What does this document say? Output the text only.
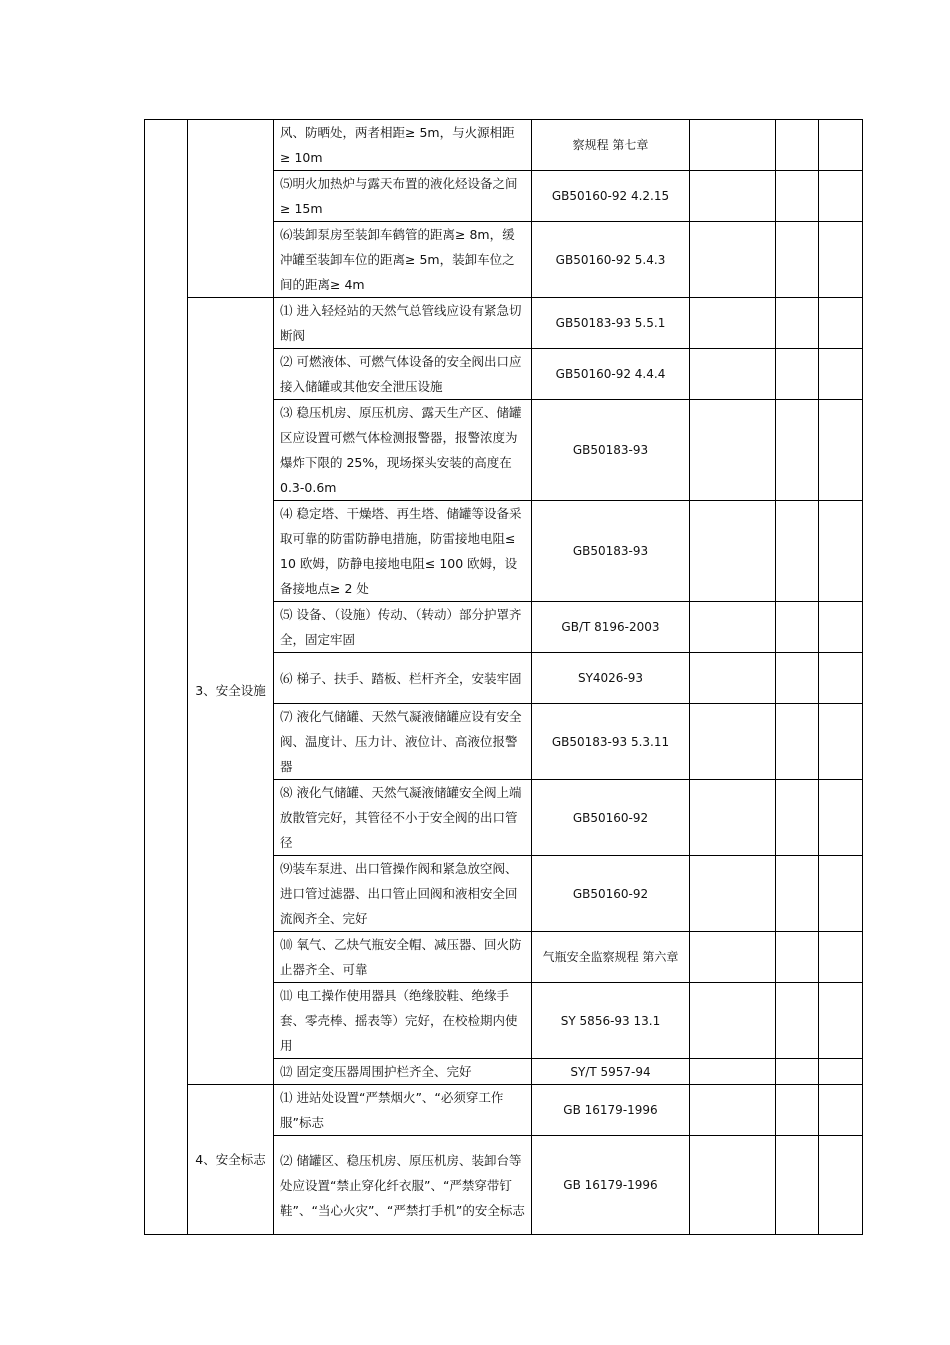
		风、防晒处，两者相距≥ 5m，与火源相距≥ 10m	察规程 第七章			
		⑸明火加热炉与露天布置的液化烃设备之间≥ 15m	GB50160-92 4.2.15			
		⑹装卸泵房至装卸车鹤管的距离≥ 8m，缓冲罐至装卸车位的距离≥ 5m，装卸车位之间的距离≥ 4m	GB50160-92 5.4.3			
	3、安全设施	⑴ 进入轻烃站的天然气总管线应设有紧急切断阀	GB50183-93 5.5.1			
		⑵ 可燃液体、可燃气体设备的安全阀出口应接入储罐或其他安全泄压设施	GB50160-92 4.4.4			
		⑶ 稳压机房、原压机房、露天生产区、储罐区应设置可燃气体检测报警器，报警浓度为爆炸下限的 25%，现场探头安装的高度在 0.3-0.6m	GB50183-93			
		⑷ 稳定塔、干燥塔、再生塔、储罐等设备采取可靠的防雷防静电措施，防雷接地电阻≤ 10 欧姆，防静电接地电阻≤ 100 欧姆，设备接地点≥ 2 处	GB50183-93			
		⑸ 设备、（设施）传动、（转动）部分护罩齐全，固定牢固	GB/T 8196-2003			
		⑹ 梯子、扶手、踏板、栏杆齐全，安装牢固	SY4026-93			
		⑺ 液化气储罐、天然气凝液储罐应设有安全阀、温度计、压力计、液位计、高液位报警器	GB50183-93 5.3.11			
		⑻ 液化气储罐、天然气凝液储罐安全阀上端放散管完好，其管径不小于安全阀的出口管径	GB50160-92			
		⑼装车泵进、出口管操作阀和紧急放空阀、进口管过滤器、出口管止回阀和液相安全回流阀齐全、完好	GB50160-92			
		⑽ 氧气、乙炔气瓶安全帽、减压器、回火防止器齐全、可靠	气瓶安全监察规程 第六章			
		⑾ 电工操作使用器具（绝缘胶鞋、绝缘手套、零壳棒、摇表等）完好，在校检期内使用	SY 5856-93 13.1			
		⑿ 固定变压器周围护栏齐全、完好	SY/T 5957-94			
	4、安全标志	⑴ 进站处设置“严禁烟火”、“必须穿工作服”标志	GB 16179-1996			
		⑵ 储罐区、稳压机房、原压机房、装卸台等处应设置“禁止穿化纤衣服”、“严禁穿带钉鞋”、“当心火灾”、“严禁打手机”的安全标志	GB 16179-1996			
